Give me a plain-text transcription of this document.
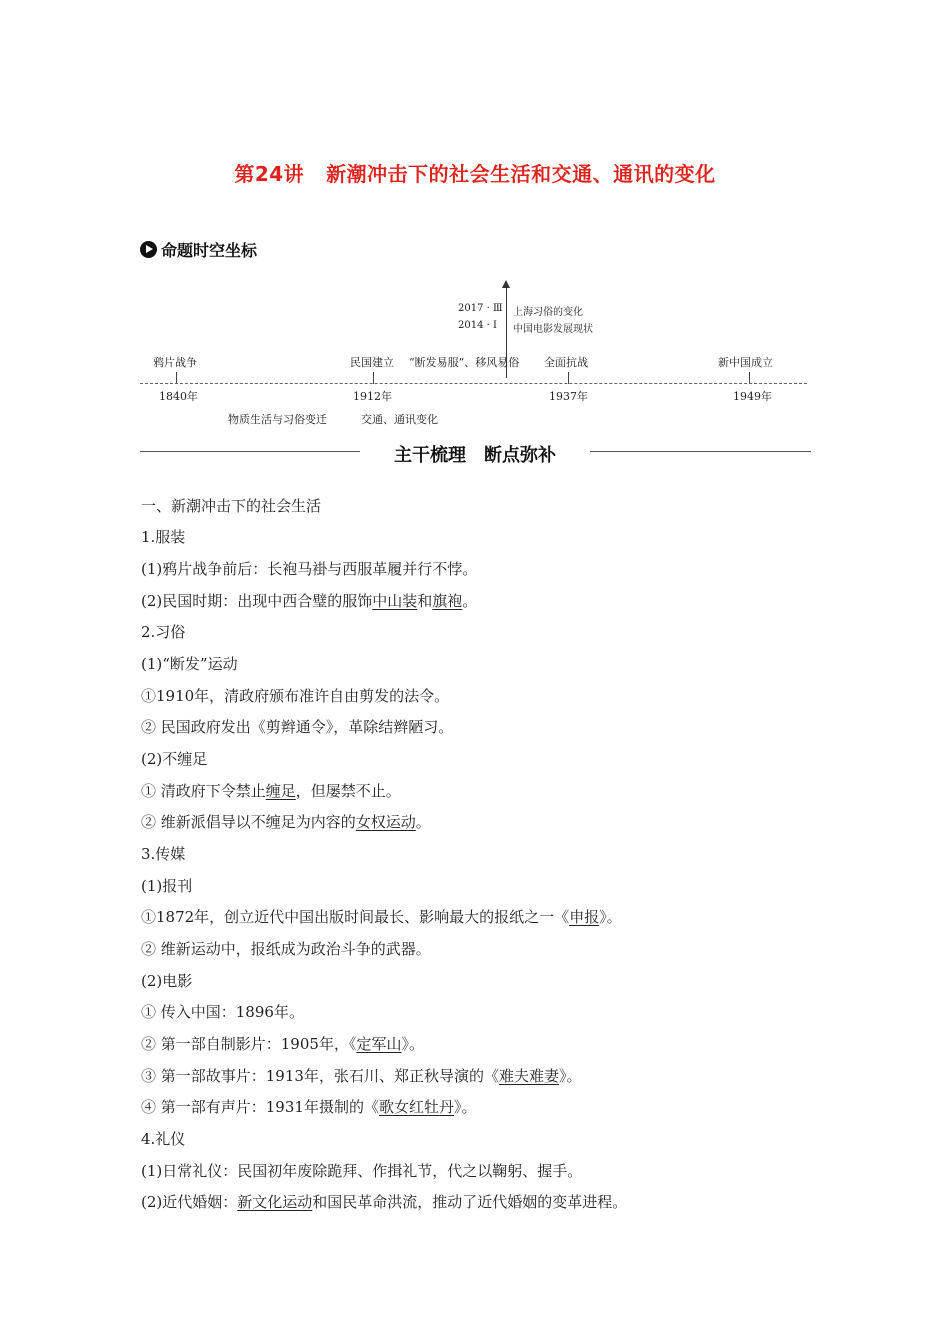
第24讲 新潮冲击下的社会生活和交通、通讯的变化
命题时空坐标
2017 · Ⅲ
2014 · Ⅰ
上海习俗的变化
中国电影发展现状
鸦片战争	民国建立 “断发易服”、移风易俗 全面抗战	新中国成立
1840年	1912年	1937年	1949年
物质生活与习俗变迁	交通、通讯变化
主干梳理 断点弥补
一、新潮冲击下的社会生活
1.服装
(1)鸦片战争前后：长袍马褂与西服革履并行不悖。
(2)民国时期：出现中西合璧的服饰中山装和旗袍。
2.习俗
(1)“断发”运动
①1910年，清政府颁布准许自由剪发的法令。
② 民国政府发出《剪辫通令》，革除结辫陋习。
(2)不缠足
① 清政府下令禁止缠足，但屡禁不止。
② 维新派倡导以不缠足为内容的女权运动。
3.传媒
(1)报刊
①1872年，创立近代中国出版时间最长、影响最大的报纸之一《申报》。
② 维新运动中，报纸成为政治斗争的武器。
(2)电影
① 传入中国：1896年。
② 第一部自制影片：1905年，《定军山》。
③ 第一部故事片：1913年，张石川、郑正秋导演的《难夫难妻》。
④ 第一部有声片：1931年摄制的《歌女红牡丹》。
4.礼仪
(1)日常礼仪：民国初年废除跪拜、作揖礼节，代之以鞠躬、握手。
(2)近代婚姻：新文化运动和国民革命洪流，推动了近代婚姻的变革进程。
